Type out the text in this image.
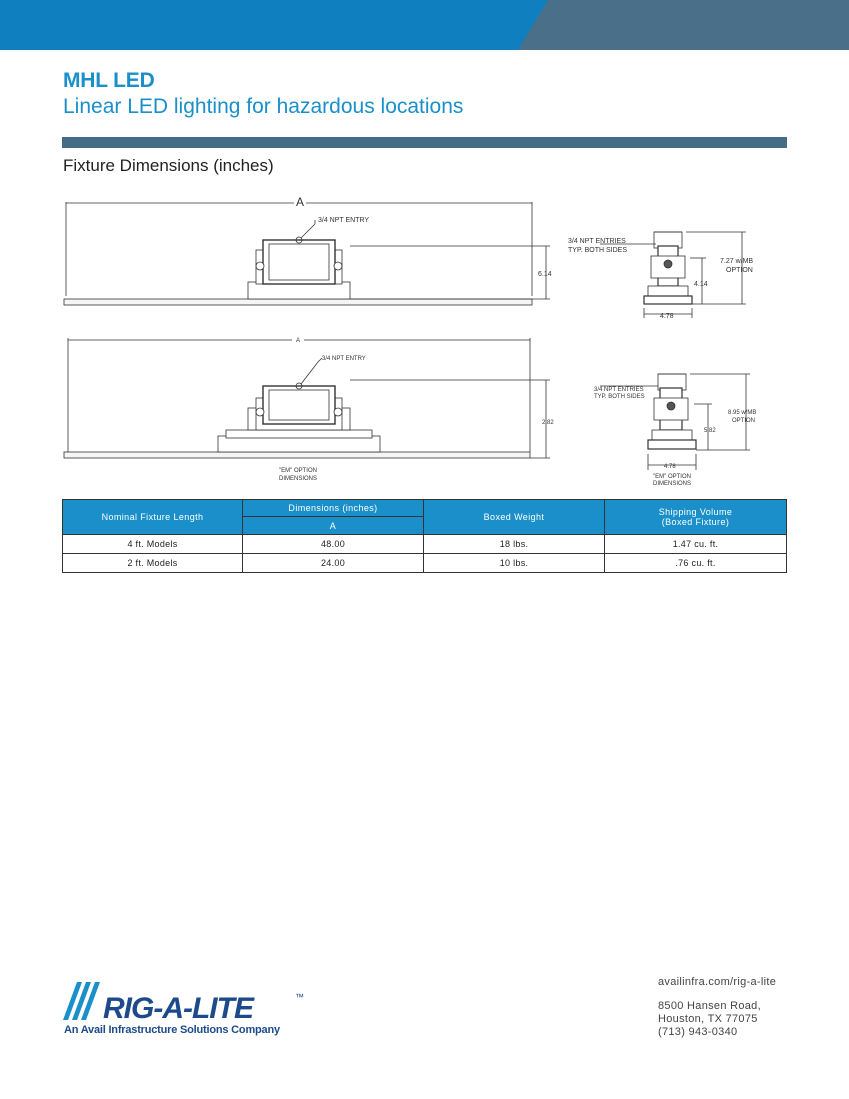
MHL LED
Linear LED lighting for hazardous locations
Fixture Dimensions (inches)
A
3/4 NPT ENTRY
6.14
3/4 NPT ENTRIES
TYP. BOTH SIDES
7.27 w/MB
OPTION
4.14
4.78
A
3/4 NPT ENTRY
2.82
"EM" OPTION
DIMENSIONS
3/4 NPT ENTRIES
TYP. BOTH SIDES
8.95 w/MB
OPTION
5.82
4.78
"EM" OPTION
DIMENSIONS
Nominal Fixture Length	Dimensions (inches)	Boxed Weight	Shipping Volume
(Boxed Fixture)

	A		
4 ft. Models	48.00	18 lbs.	1.47 cu. ft.
2 ft. Models	24.00	10 lbs.	.76 cu. ft.
RIG-A-LITE	™
An Avail Infrastructure Solutions Company
availinfra.com/rig-a-lite
8500 Hansen Road,
Houston, TX 77075
(713) 943-0340
